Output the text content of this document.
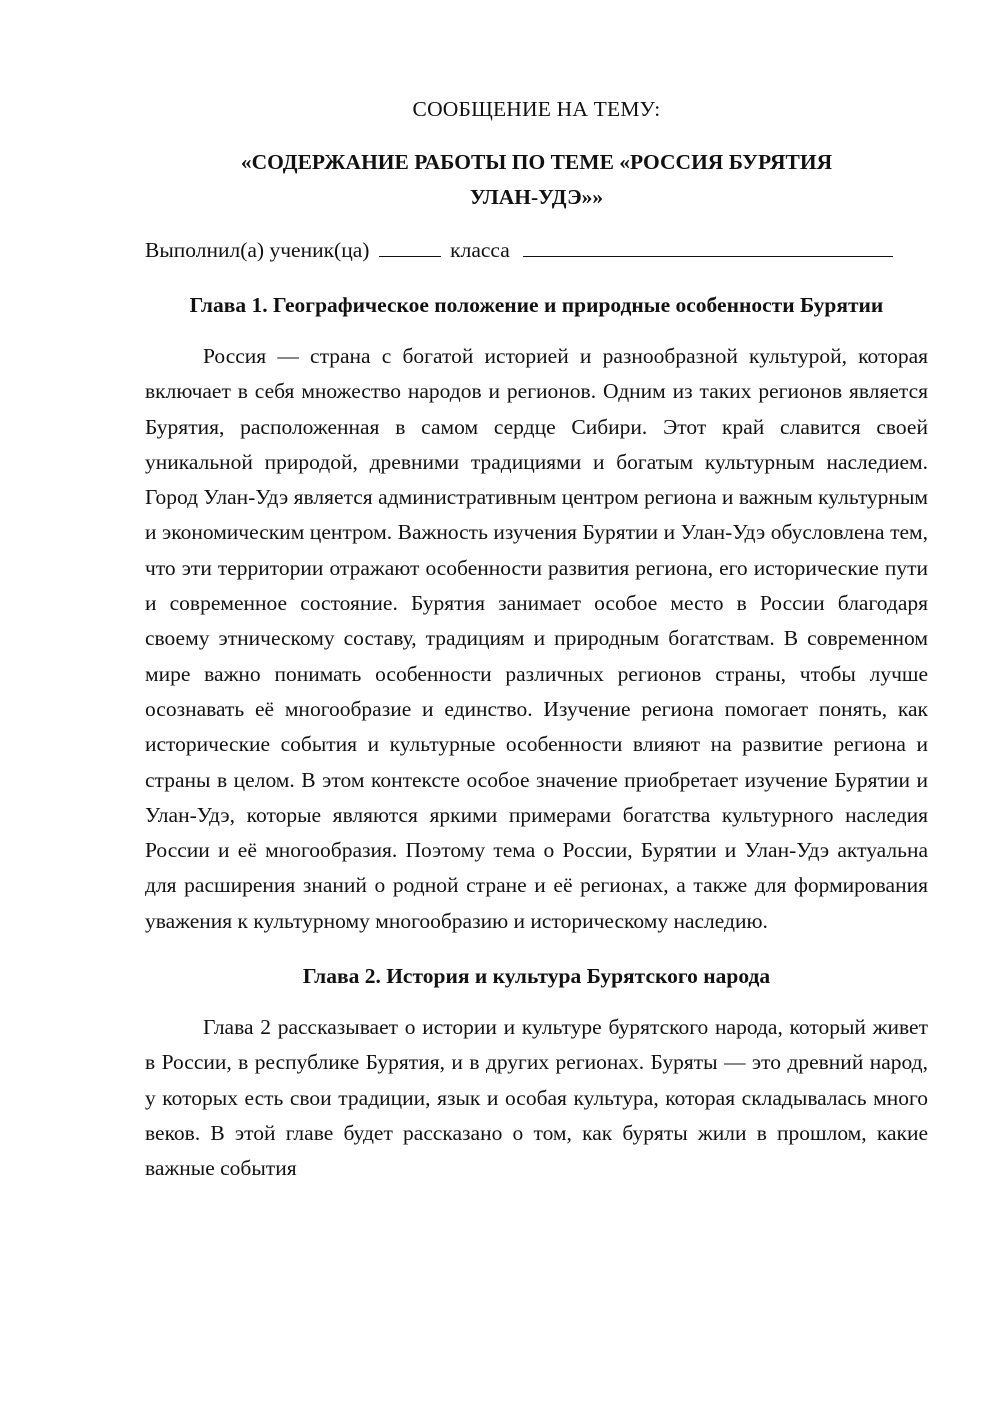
СООБЩЕНИЕ НА ТЕМУ:

«СОДЕРЖАНИЕ РАБОТЫ ПО ТЕМЕ «РОССИЯ БУРЯТИЯ

УЛАН-УДЭ»»

Выполнил(а) ученик(ца)	класса
Глава 1. Географическое положение и природные особенности Бурятии

Россия — страна с богатой историей и разнообразной культурой, которая включает в себя множество народов и регионов. Одним из таких регионов является Бурятия, расположенная в самом сердце Сибири. Этот край славится своей уникальной природой, древними традициями и богатым культурным наследием. Город Улан-Удэ является административным центром региона и важным культурным и экономическим центром. Важность изучения Бурятии и Улан-Удэ обусловлена тем, что эти территории отражают особенности развития региона, его исторические пути и современное состояние. Бурятия занимает особое место в России благодаря своему этническому составу, традициям и природным богатствам. В современном мире важно понимать особенности различных регионов страны, чтобы лучше осознавать её многообразие и единство. Изучение региона помогает понять, как исторические события и культурные особенности влияют на развитие региона и страны в целом. В этом контексте особое значение приобретает изучение Бурятии и Улан-Удэ, которые являются яркими примерами богатства культурного наследия России и её многообразия. Поэтому тема о России, Бурятии и Улан-Удэ актуальна для расширения знаний о родной стране и её регионах, а также для формирования уважения к культурному многообразию и историческому наследию.

Глава 2. История и культура Бурятского народа

Глава 2 рассказывает о истории и культуре бурятского народа, который живет в России, в республике Бурятия, и в других регионах. Буряты — это древний народ, у которых есть свои традиции, язык и особая культура, которая складывалась много веков. В этой главе будет рассказано о том, как буряты жили в прошлом, какие важные события
